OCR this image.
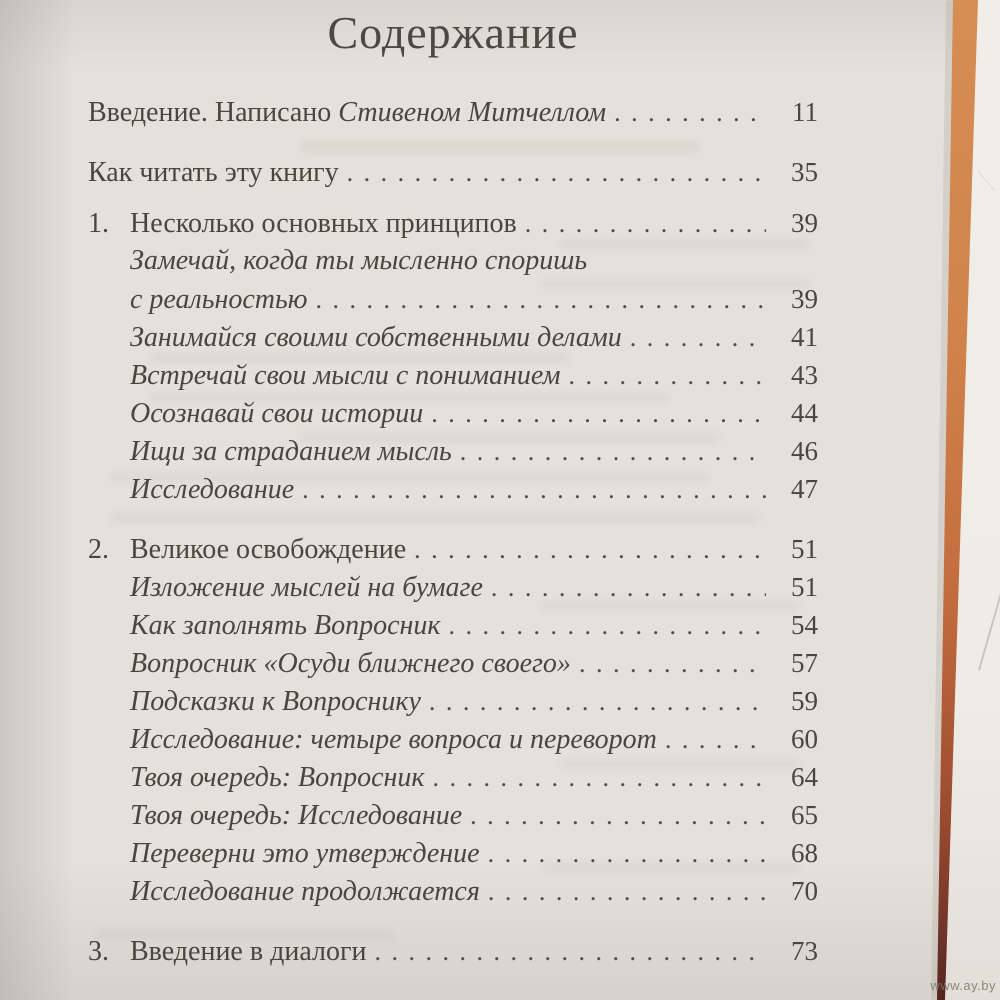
Содержание
Введение. Написано Стивеном Митчеллом . . .	11
Как читать эту книгу . . .	35
1. Несколько основных принципов . . .	39
Замечай, когда ты мысленно споришь
с реальностью . . .	39
Занимайся своими собственными делами . . .	41
Встречай свои мысли с пониманием . . .	43
Осознавай свои истории . . .	44
Ищи за страданием мысль . . .	46
Исследование . . .	47
2. Великое освобождение . . .	51
Изложение мыслей на бумаге . . .	51
Как заполнять Вопросник . . .	54
Вопросник «Осуди ближнего своего» . . .	57
Подсказки к Вопроснику . . .	59
Исследование: четыре вопроса и переворот . . .	60
Твоя очередь: Вопросник . . .	64
Твоя очередь: Исследование . . .	65
Переверни это утверждение . . .	68
Исследование продолжается . . .	70
3. Введение в диалоги . . .	73
www.ay.by
